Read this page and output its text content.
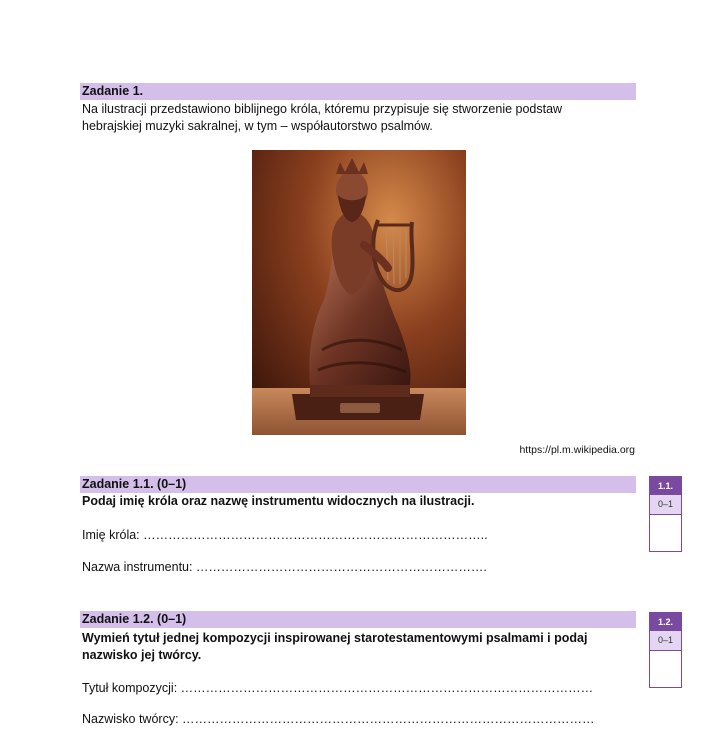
Zadanie 1.
Na ilustracji przedstawiono biblijnego króla, któremu przypisuje się stworzenie podstaw
hebrajskiej muzyki sakralnej, w tym – współautorstwo psalmów.
https://pl.m.wikipedia.org
Zadanie 1.1. (0–1)
Podaj imię króla oraz nazwę instrumentu widocznych na ilustracji.
Imię króla: ………………………………………………………………………..
Nazwa instrumentu: …………………………………………………………….
1.1.
0–1
Zadanie 1.2. (0–1)
Wymień tytuł jednej kompozycji inspirowanej starotestamentowymi psalmami i podaj
nazwisko jej twórcy.
Tytuł kompozycji: ………………………………………………………………………………………
Nazwisko twórcy: ………………………………………………………………………………………
1.2.
0–1
